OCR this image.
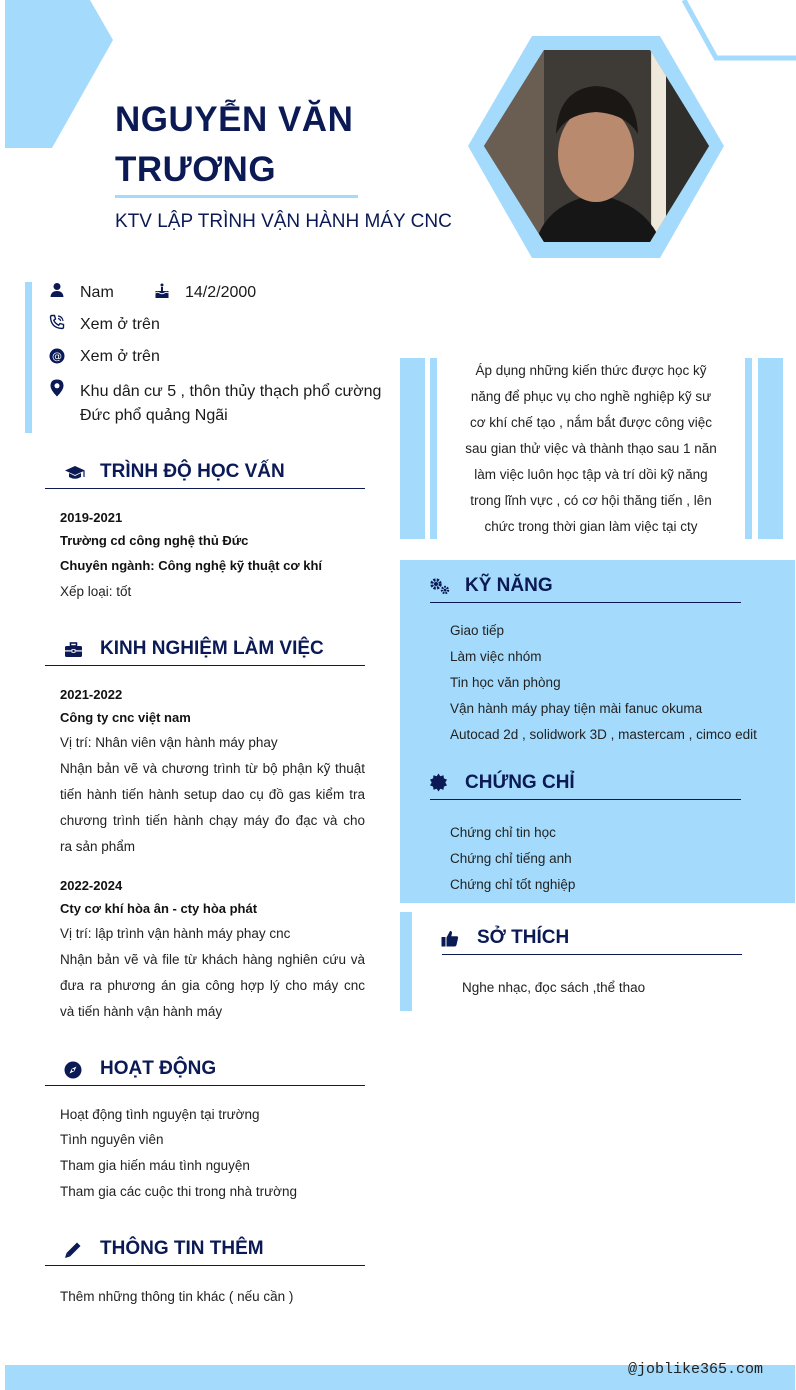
NGUYỄN VĂN
TRƯƠNG
KTV LẬP TRÌNH VẬN HÀNH MÁY CNC
Nam	14/2/2000
Xem ở trên
@ Xem ở trên
Khu dân cư 5 , thôn thủy thạch phổ cường
Đức phổ quảng Ngãi
TRÌNH ĐỘ HỌC VẤN
2019-2021
Trường cd công nghệ thủ Đức
Chuyên ngành: Công nghệ kỹ thuật cơ khí
Xếp loại: tốt
KINH NGHIỆM LÀM VIỆC
2021-2022
Công ty cnc việt nam
Vị trí: Nhân viên vận hành máy phay
Nhận bản vẽ và chương trình từ bộ phận kỹ thuật
tiến hành tiến hành setup dao cụ đồ gas kiểm tra
chương trình tiến hành chạy máy đo đạc và cho
ra sản phẩm
2022-2024
Cty cơ khí hòa ân - cty hòa phát
Vị trí: lập trình vận hành máy phay cnc
Nhận bản vẽ và file từ khách hàng nghiên cứu và
đưa ra phương án gia công hợp lý cho máy cnc
và tiến hành vận hành máy
HOẠT ĐỘNG
Hoạt động tình nguyện tại trường
Tình nguyên viên
Tham gia hiến máu tình nguyện
Tham gia các cuộc thi trong nhà trường
THÔNG TIN THÊM
Thêm những thông tin khác ( nếu cần )
Áp dụng những kiến thức được học kỹ
năng để phục vụ cho nghề nghiệp kỹ sư
cơ khí chế tạo , nắm bắt được công việc
sau gian thử việc và thành thạo sau 1 năn
làm việc luôn học tập và trí dồi kỹ năng
trong lĩnh vực , có cơ hội thăng tiến , lên
chức trong thời gian làm việc tại cty
KỸ NĂNG
Giao tiếp
Làm việc nhóm
Tin học văn phòng
Vận hành máy phay tiện mài fanuc okuma
Autocad 2d , solidwork 3D , mastercam , cimco edit
CHỨNG CHỈ
Chứng chỉ tin học
Chứng chỉ tiếng anh
Chứng chỉ tốt nghiệp
SỞ THÍCH
Nghe nhạc, đọc sách ,thể thao
@joblike365.com
